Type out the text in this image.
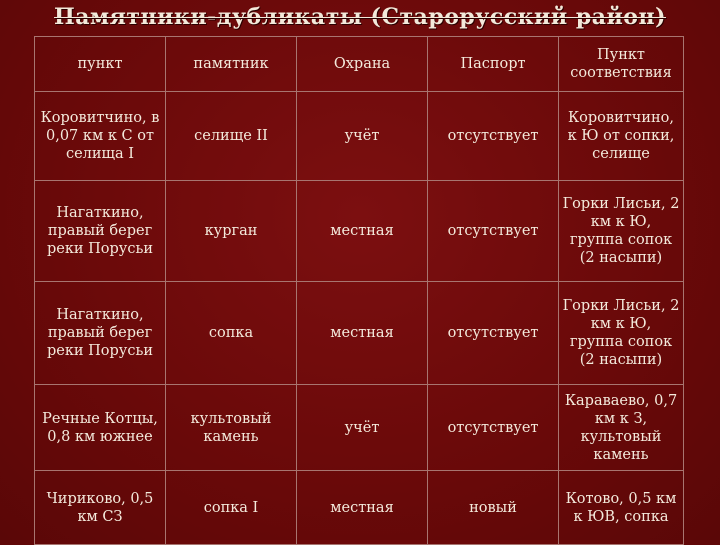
Памятники-дубликаты (Старорусский район)
пункт	памятник	Охрана	Паспорт	Пункт соответствия
Коровитчино, в 0,07 км к С от селища I	селище II	учёт	отсутствует	Коровитчино, к Ю от сопки, селище
Нагаткино, правый берег реки Порусьи	курган	местная	отсутствует	Горки Лисьи, 2 км к Ю, группа сопок (2 насыпи)
Нагаткино, правый берег реки Порусьи	сопка	местная	отсутствует	Горки Лисьи, 2 км к Ю, группа сопок (2 насыпи)
Речные Котцы, 0,8 км южнее	культовый камень	учёт	отсутствует	Караваево, 0,7 км к З, культовый камень
Чириково, 0,5 км СЗ	сопка I	местная	новый	Котово, 0,5 км к ЮВ, сопка
